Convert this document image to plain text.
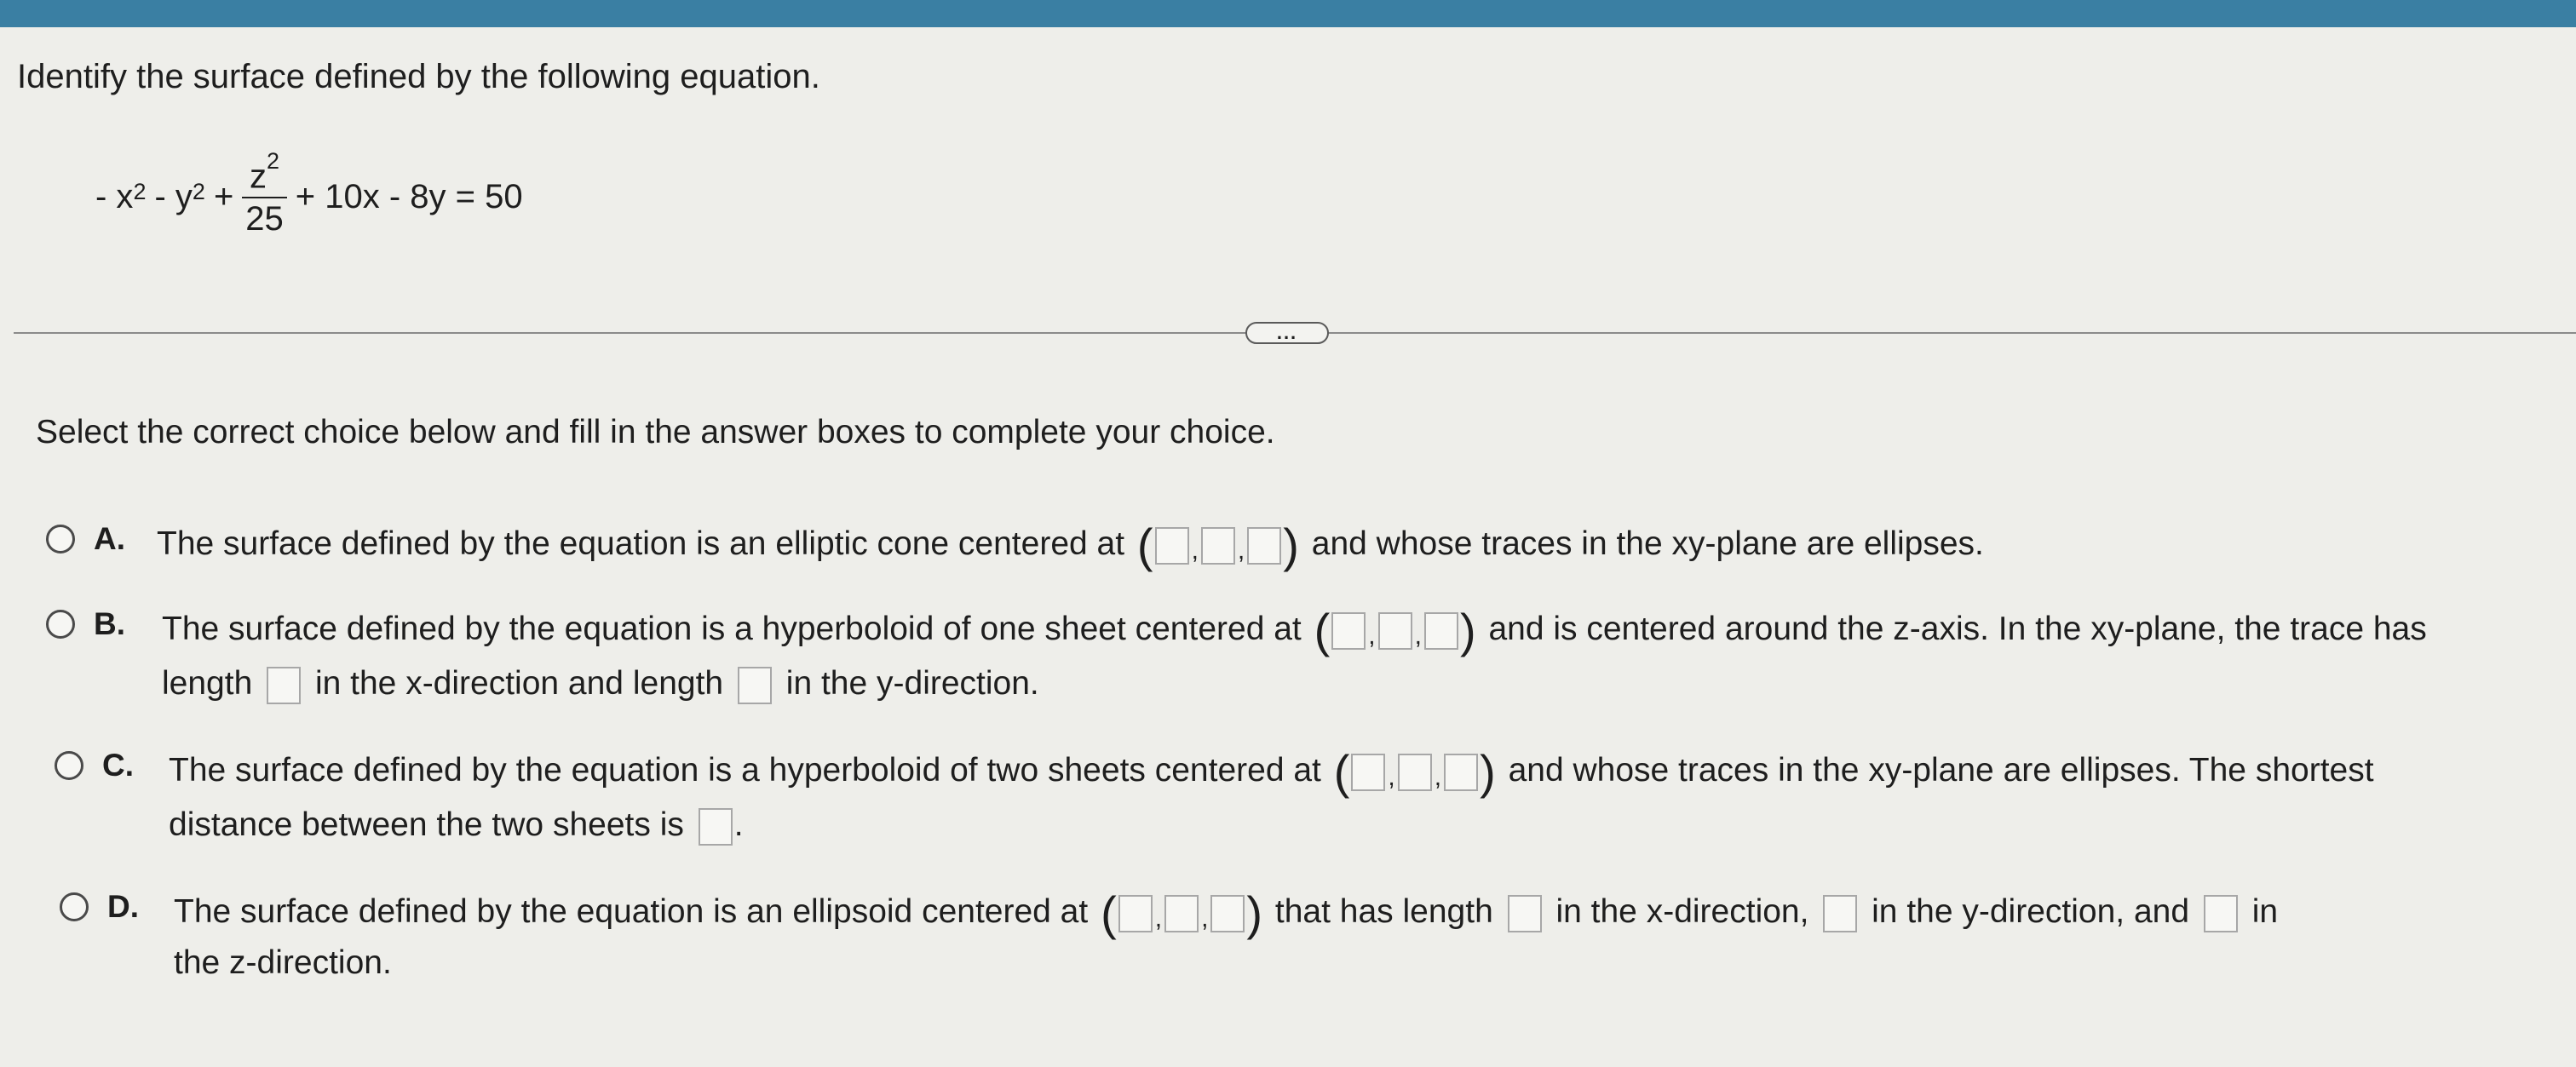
Identify the surface defined by the following equation.
- $x^2 - y^2 + \frac{z^2}{25} + 10x - 8y = 50$
...
Select the correct choice below and fill in the answer boxes to complete your choice.
A. The surface defined by the equation is an elliptic cone centered at ( , , ) and whose traces in the xy-plane are ellipses.
B. The surface defined by the equation is a hyperboloid of one sheet centered at ( , , ) and is centered around the z-axis. In the xy-plane, the trace has
length in the x-direction and length in the y-direction.
C. The surface defined by the equation is a hyperboloid of two sheets centered at ( , , ) and whose traces in the xy-plane are ellipses. The shortest
distance between the two sheets is .
D. The surface defined by the equation is an ellipsoid centered at ( , , ) that has length in the x-direction, in the y-direction, and in
the z-direction.
